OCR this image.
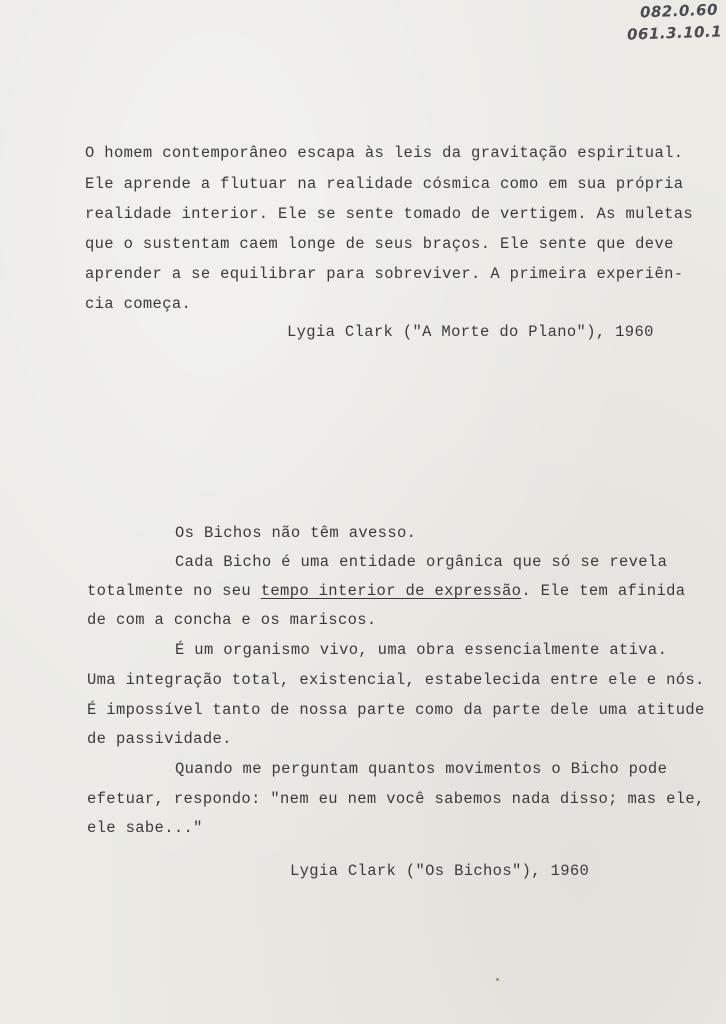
082.0.60
061.3.10.1
O homem contemporâneo escapa às leis da gravitação espiritual.
Ele aprende a flutuar na realidade cósmica como em sua própria
realidade interior. Ele se sente tomado de vertigem. As muletas
que o sustentam caem longe de seus braços. Ele sente que deve
aprender a se equilibrar para sobreviver. A primeira experiên-
cia começa.
Lygia Clark ("A Morte do Plano"), 1960
Os Bichos não têm avesso.
Cada Bicho é uma entidade orgânica que só se revela
totalmente no seu tempo interior de expressão. Ele tem afinida
de com a concha e os mariscos.
É um organismo vivo, uma obra essencialmente ativa.
Uma integração total, existencial, estabelecida entre ele e nós.
É impossível tanto de nossa parte como da parte dele uma atitude
de passividade.
Quando me perguntam quantos movimentos o Bicho pode
efetuar, respondo: "nem eu nem você sabemos nada disso; mas ele,
ele sabe..."
Lygia Clark ("Os Bichos"), 1960
